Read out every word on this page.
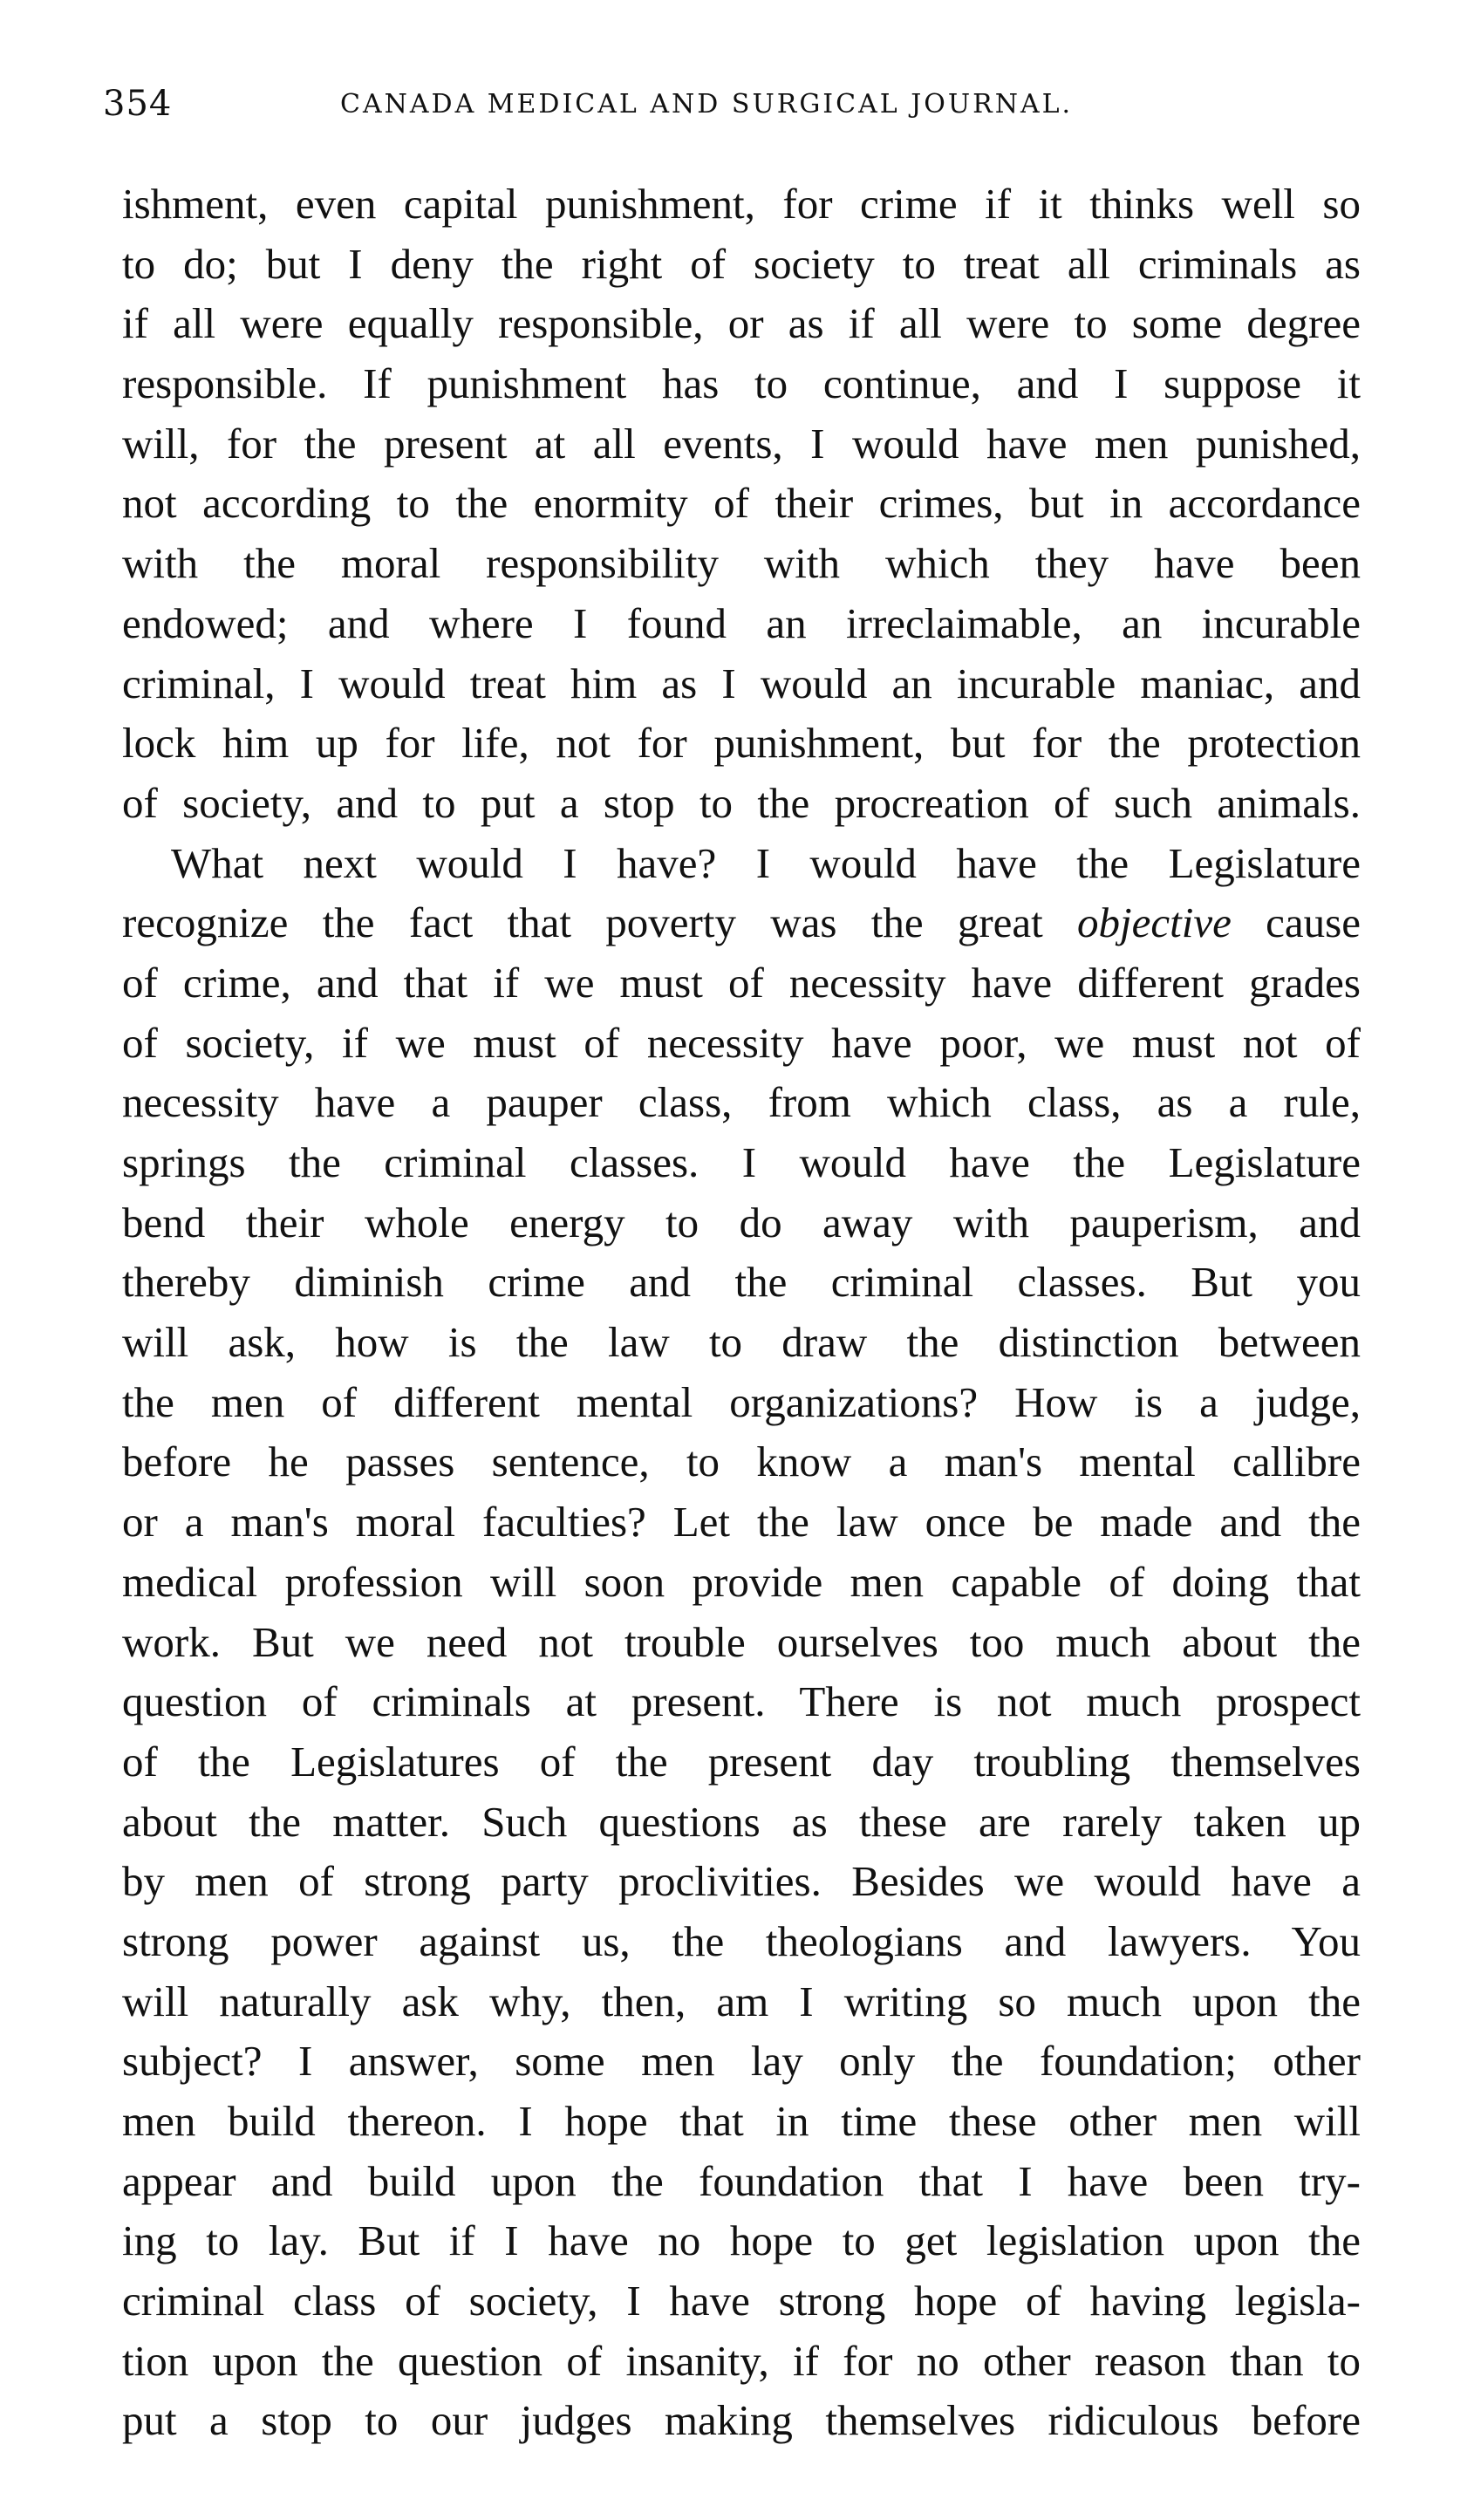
354	CANADA MEDICAL AND SURGICAL JOURNAL.
ishment, even capital punishment, for crime if it thinks well so
to do; but I deny the right of society to treat all criminals as
if all were equally responsible, or as if all were to some degree
responsible. If punishment has to continue, and I suppose it
will, for the present at all events, I would have men punished,
not according to the enormity of their crimes, but in accordance
with the moral responsibility with which they have been
endowed; and where I found an irreclaimable, an incurable
criminal, I would treat him as I would an incurable maniac, and
lock him up for life, not for punishment, but for the protection
of society, and to put a stop to the procreation of such animals.
What next would I have? I would have the Legislature
recognize the fact that poverty was the great objective cause
of crime, and that if we must of necessity have different grades
of society, if we must of necessity have poor, we must not of
necessity have a pauper class, from which class, as a rule,
springs the criminal classes. I would have the Legislature
bend their whole energy to do away with pauperism, and
thereby diminish crime and the criminal classes. But you
will ask, how is the law to draw the distinction between
the men of different mental organizations? How is a judge,
before he passes sentence, to know a man's mental callibre
or a man's moral faculties? Let the law once be made and the
medical profession will soon provide men capable of doing that
work. But we need not trouble ourselves too much about the
question of criminals at present. There is not much prospect
of the Legislatures of the present day troubling themselves
about the matter. Such questions as these are rarely taken up
by men of strong party proclivities. Besides we would have a
strong power against us, the theologians and lawyers. You
will naturally ask why, then, am I writing so much upon the
subject? I answer, some men lay only the foundation; other
men build thereon. I hope that in time these other men will
appear and build upon the foundation that I have been try-
ing to lay. But if I have no hope to get legislation upon the
criminal class of society, I have strong hope of having legisla-
tion upon the question of insanity, if for no other reason than to
put a stop to our judges making themselves ridiculous before
